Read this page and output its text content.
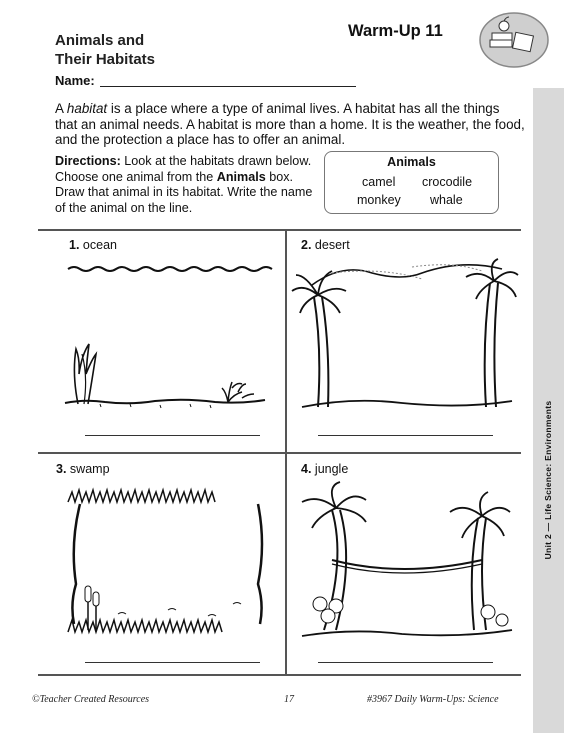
Unit 2 — Life Science: Environments
Animals and
Their Habitats
Warm-Up 11
Name:
A habitat is a place where a type of animal lives. A habitat has all the things that an animal needs. A habitat is more than a home. It is the weather, the food, and the protection a place has to offer an animal.
Directions: Look at the habitats drawn below. Choose one animal from the Animals box. Draw that animal in its habitat. Write the name of the animal on the line.
Animals
camel crocodile
monkey whale
1. ocean	2. desert
3. swamp	4. jungle
©Teacher Created Resources	17	#3967 Daily Warm-Ups: Science
